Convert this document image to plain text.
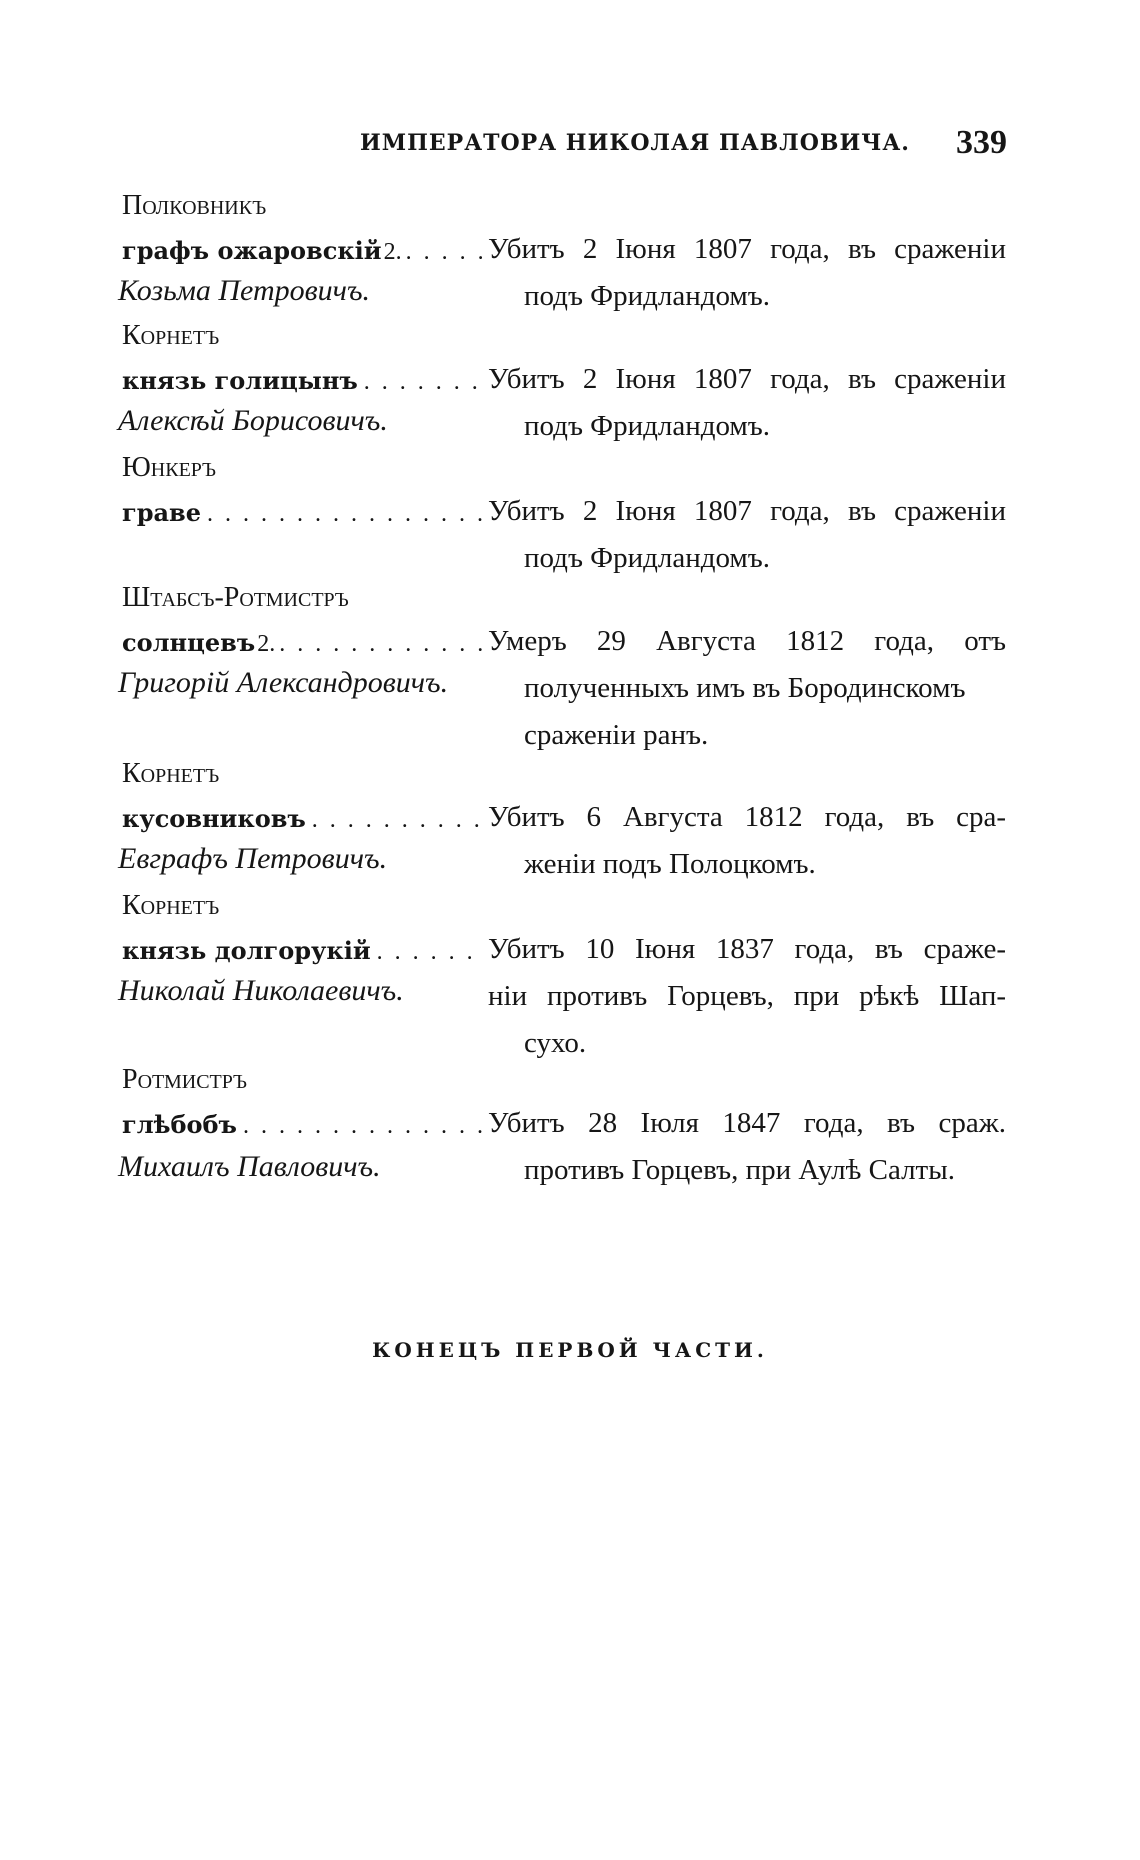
ИМПЕРАТОРА НИКОЛАЯ ПАВЛОВИЧА. 339
Полковникъ
графъ ожаровскій 2.
. . .
Козьма Петровичъ.
Убитъ 2 Іюня 1807 года, въ сраженіи
подъ Фридландомъ.
Корнетъ
князь голицынъ
. . .
Алексѣй Борисовичъ.
Убитъ 2 Іюня 1807 года, въ сраженіи
подъ Фридландомъ.
Юнкеръ
граве
. . .	Убитъ 2 Іюня 1807 года, въ сраженіи
подъ Фридландомъ.
Штабсъ-Ротмистръ
солнцевъ 2.
. . .
Григорій Александровичъ.
Умеръ 29 Августа 1812 года, отъ
полученныхъ имъ въ Бородинскомъ
сраженіи ранъ.
Корнетъ
кусовниковъ
. . .
Евграфъ Петровичъ.
Убитъ 6 Августа 1812 года, въ сра-
женіи подъ Полоцкомъ.
Корнетъ
князь долгорукій
. . .
Николай Николаевичъ.
Убитъ 10 Іюня 1837 года, въ сраже-
ніи противъ Горцевъ, при рѣкѣ Шап-
сухо.
Ротмистръ
глѣбобъ
. . .
Михаилъ Павловичъ.
Убитъ 28 Іюля 1847 года, въ сраж.
противъ Горцевъ, при Аулѣ Салты.
КОНЕЦЪ ПЕРВОЙ ЧАСТИ.
